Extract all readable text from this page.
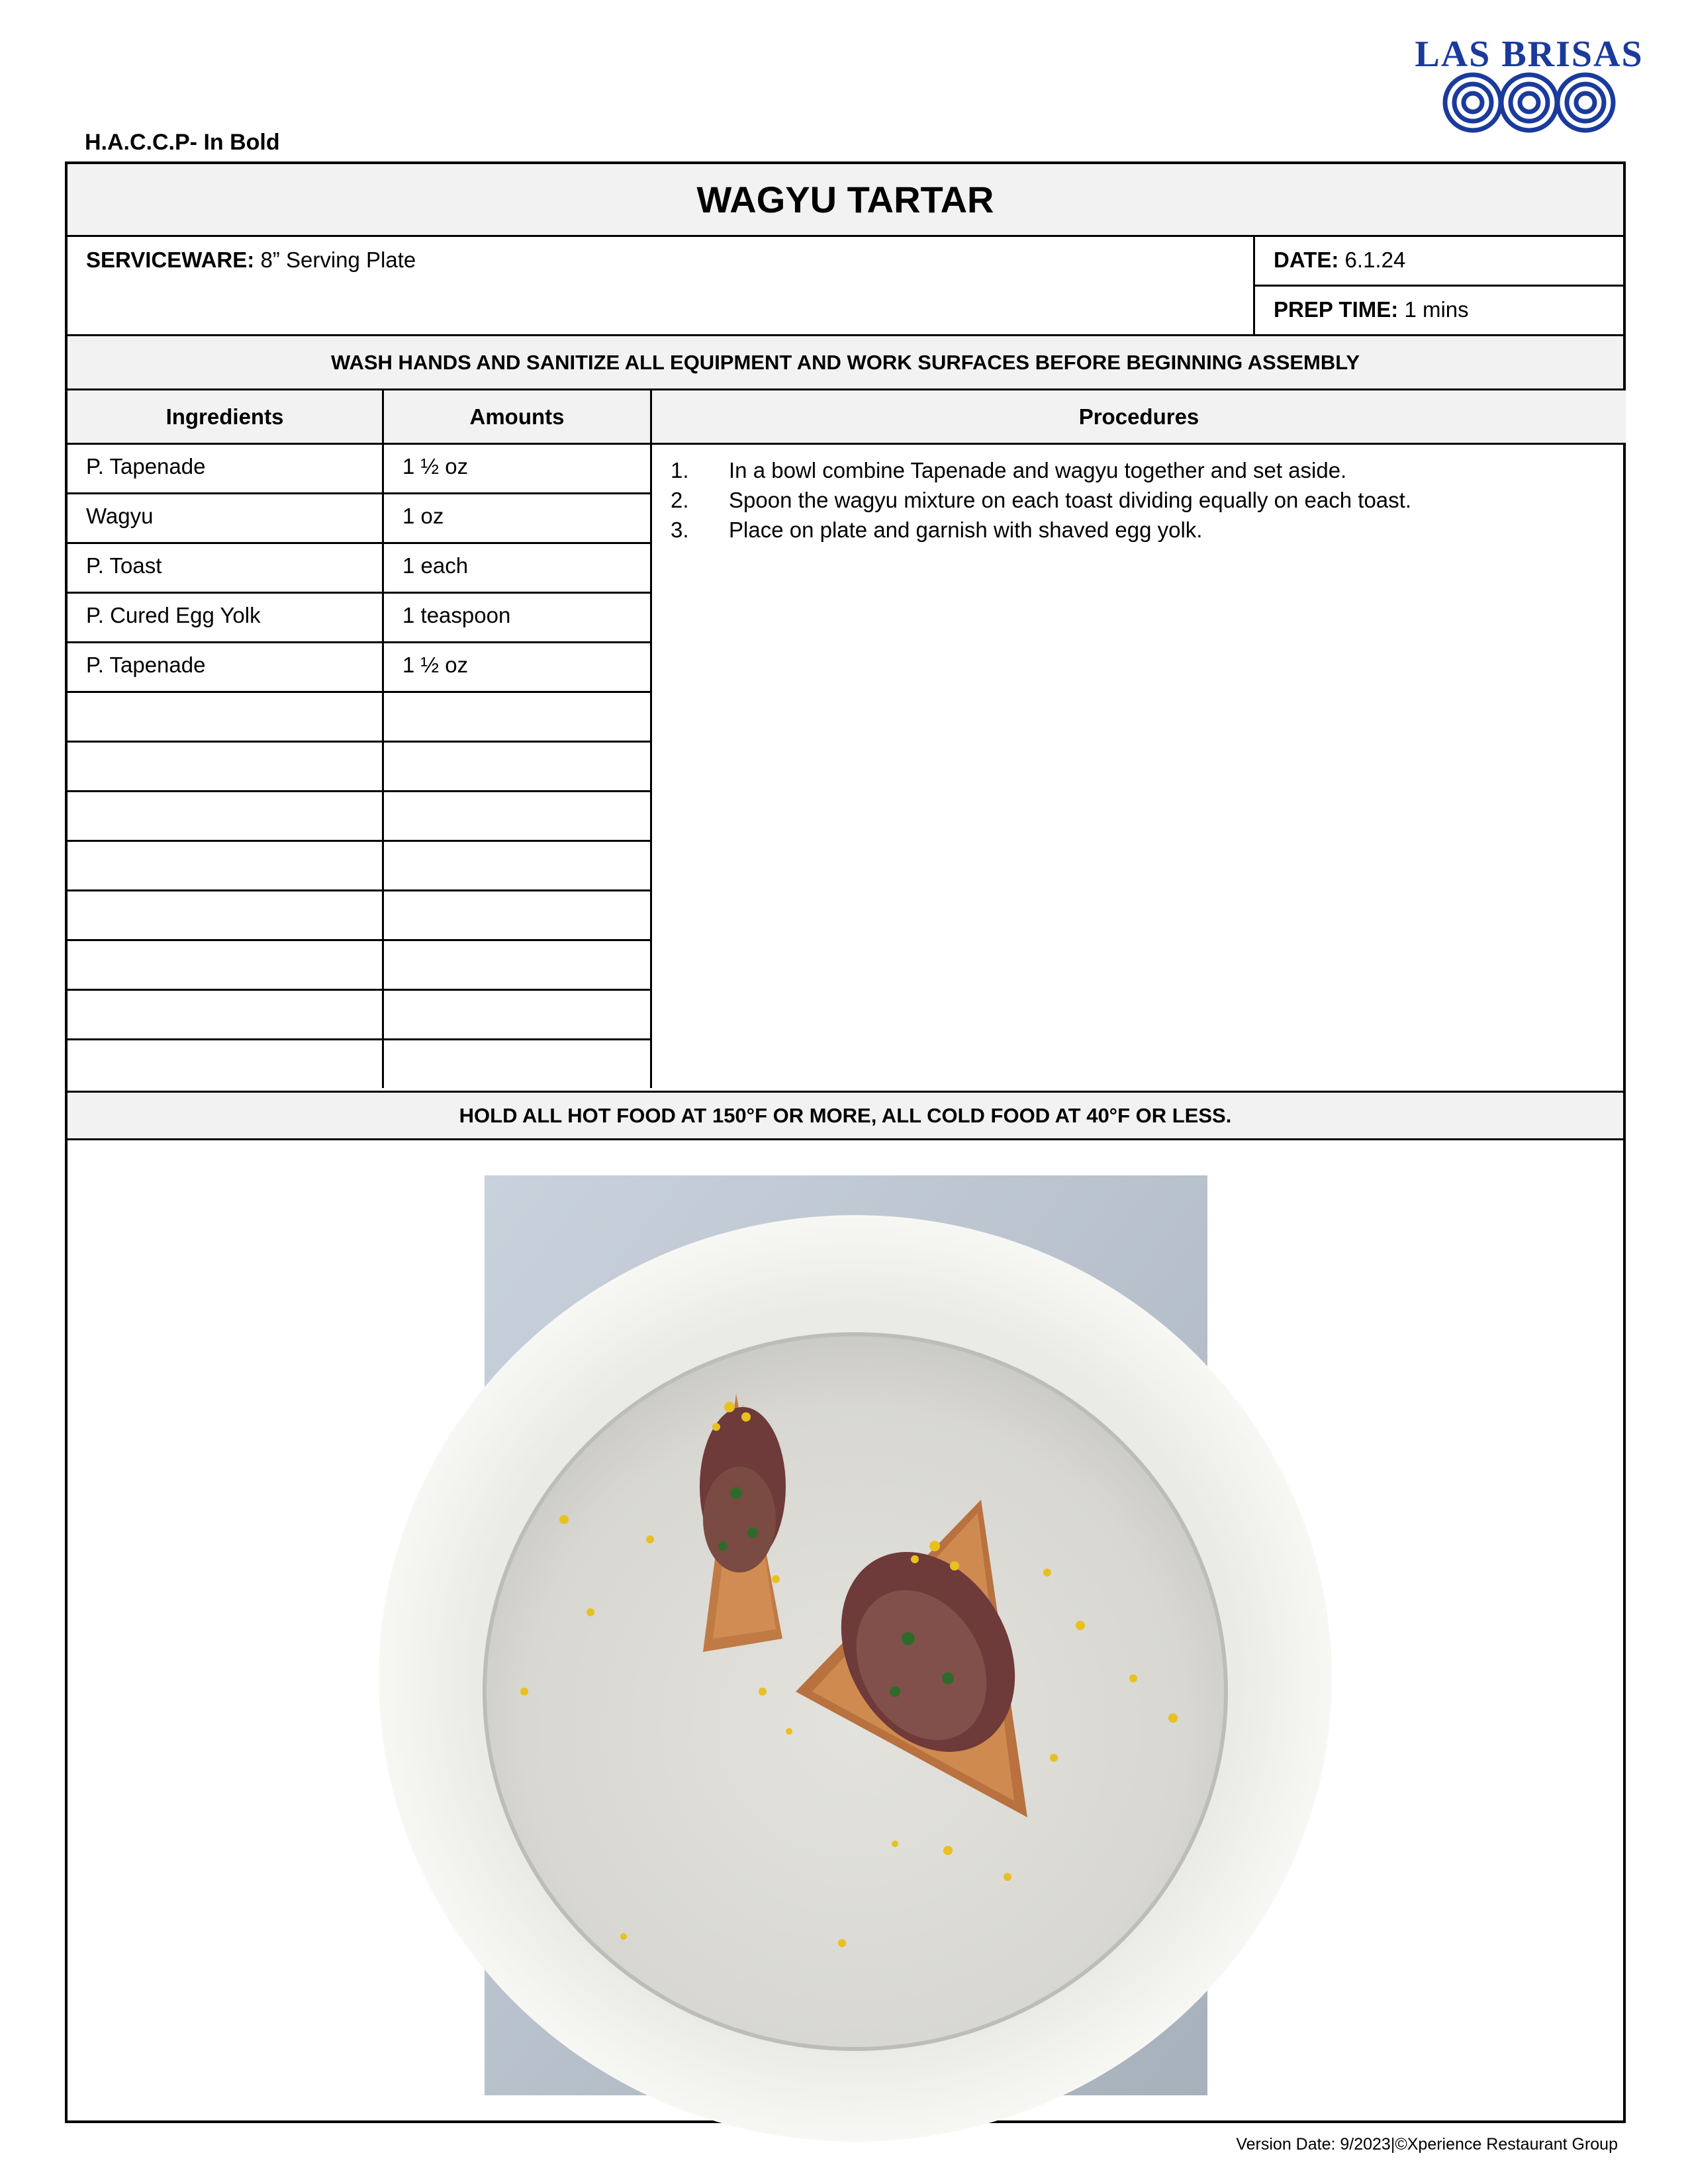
H.A.C.C.P- In Bold
LAS BRISAS
WAGYU TARTAR
SERVICEWARE: 8” Serving Plate	DATE: 6.1.24
PREP TIME: 1 mins
WASH HANDS AND SANITIZE ALL EQUIPMENT AND WORK SURFACES BEFORE BEGINNING ASSEMBLY
Ingredients	Amounts	Procedures
P. Tapenade	1 ½ oz
Wagyu	1 oz
P. Toast	1 each
P. Cured Egg Yolk	1 teaspoon
P. Tapenade	1 ½ oz
1.	In a bowl combine Tapenade and wagyu together and set aside.
2.	Spoon the wagyu mixture on each toast dividing equally on each toast.
3.	Place on plate and garnish with shaved egg yolk.
HOLD ALL HOT FOOD AT 150°F OR MORE, ALL COLD FOOD AT 40°F OR LESS.
Version Date: 9/2023|©Xperience Restaurant Group
